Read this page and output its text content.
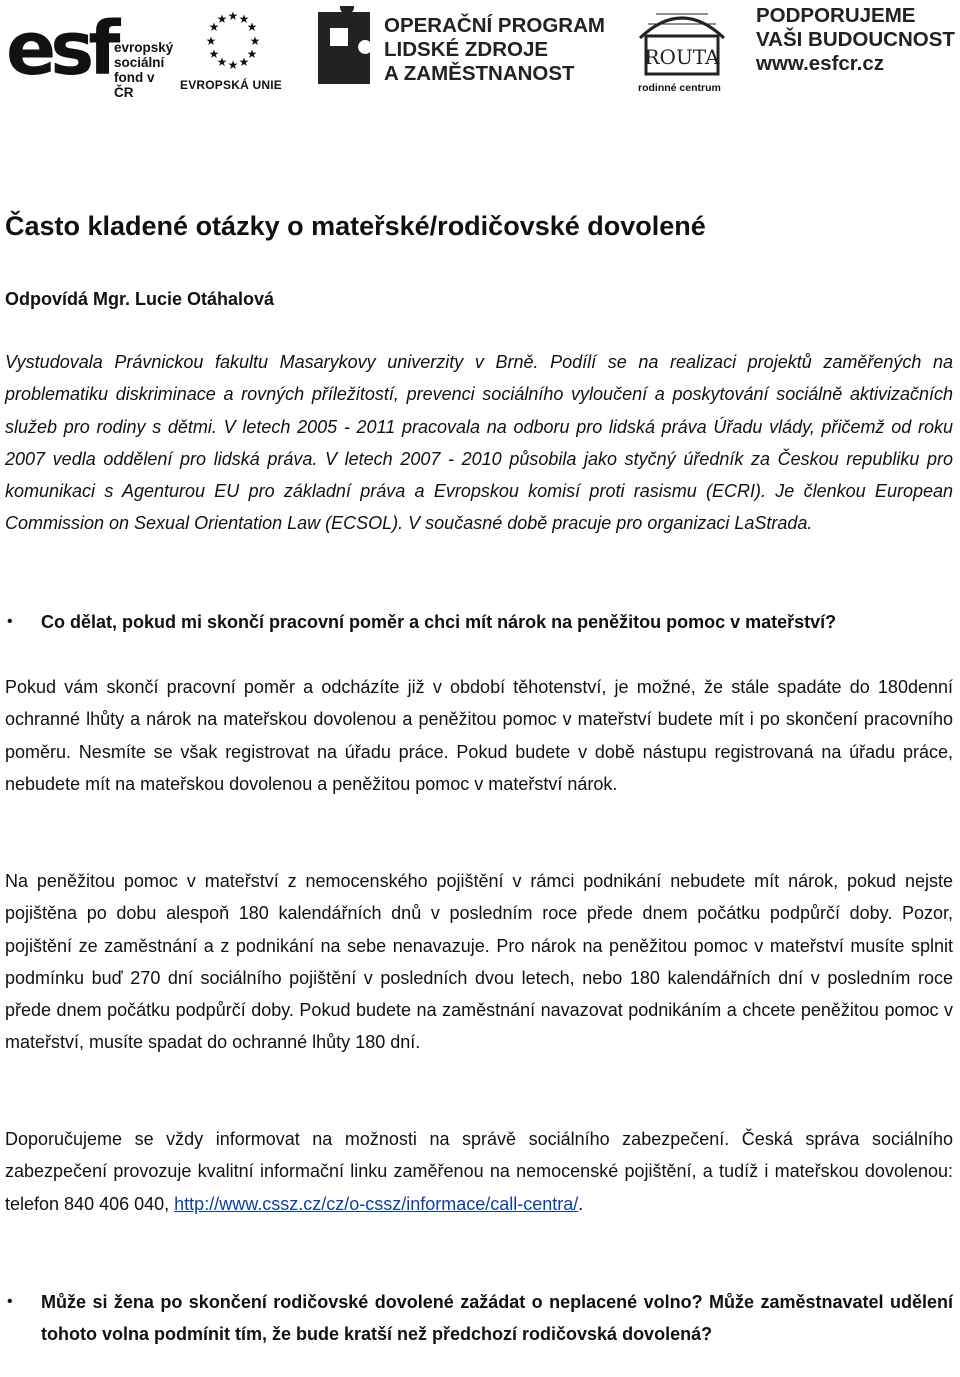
esf evropský
sociální
fond v ČR
★ ★
★
★
★
★
★
★
★
★
★
★
EVROPSKÁ UNIE
OPERAČNÍ PROGRAM
LIDSKÉ ZDROJE
A ZAMĚSTNANOST
ROUTA
rodinné centrum
PODPORUJEME
VAŠI BUDOUCNOST
www.esfcr.cz
Často kladené otázky o mateřské/rodičovské dovolené

Odpovídá Mgr. Lucie Otáhalová

Vystudovala Právnickou fakultu Masarykovy univerzity v Brně. Podílí se na realizaci projektů zaměřených na problematiku diskriminace a rovných příležitostí, prevenci sociálního vyloučení a poskytování sociálně aktivizačních služeb pro rodiny s dětmi. V letech 2005 - 2011 pracovala na odboru pro lidská práva Úřadu vlády, přičemž od roku 2007 vedla oddělení pro lidská práva. V letech 2007 - 2010 působila jako styčný úředník za Českou republiku pro komunikaci s Agenturou EU pro základní práva a Evropskou komisí proti rasismu (ECRI). Je členkou European Commission on Sexual Orientation Law (ECSOL). V současné době pracuje pro organizaci LaStrada.

• Co dělat, pokud mi skončí pracovní poměr a chci mít nárok na peněžitou pomoc v mateřství?

Pokud vám skončí pracovní poměr a odcházíte již v období těhotenství, je možné, že stále spadáte do 180denní ochranné lhůty a nárok na mateřskou dovolenou a peněžitou pomoc v mateřství budete mít i po skončení pracovního poměru. Nesmíte se však registrovat na úřadu práce. Pokud budete v době nástupu registrovaná na úřadu práce, nebudete mít na mateřskou dovolenou a peněžitou pomoc v mateřství nárok.

Na peněžitou pomoc v mateřství z nemocenského pojištění v rámci podnikání nebudete mít nárok, pokud nejste pojištěna po dobu alespoň 180 kalendářních dnů v posledním roce přede dnem počátku podpůrčí doby. Pozor, pojištění ze zaměstnání a z podnikání na sebe nenavazuje. Pro nárok na peněžitou pomoc v mateřství musíte splnit podmínku buď 270 dní sociálního pojištění v posledních dvou letech, nebo 180 kalendářních dní v posledním roce přede dnem počátku podpůrčí doby. Pokud budete na zaměstnání navazovat podnikáním a chcete peněžitou pomoc v mateřství, musíte spadat do ochranné lhůty 180 dní.

Doporučujeme se vždy informovat na možnosti na správě sociálního zabezpečení. Česká správa sociálního zabezpečení provozuje kvalitní informační linku zaměřenou na nemocenské pojištění, a tudíž i mateřskou dovolenou: telefon 840 406 040, http://www.cssz.cz/cz/o-cssz/informace/call-centra/.

• Může si žena po skončení rodičovské dovolené zažádat o neplacené volno? Může zaměstnavatel udělení tohoto volna podmínit tím, že bude kratší než předchozí rodičovská dovolená?
